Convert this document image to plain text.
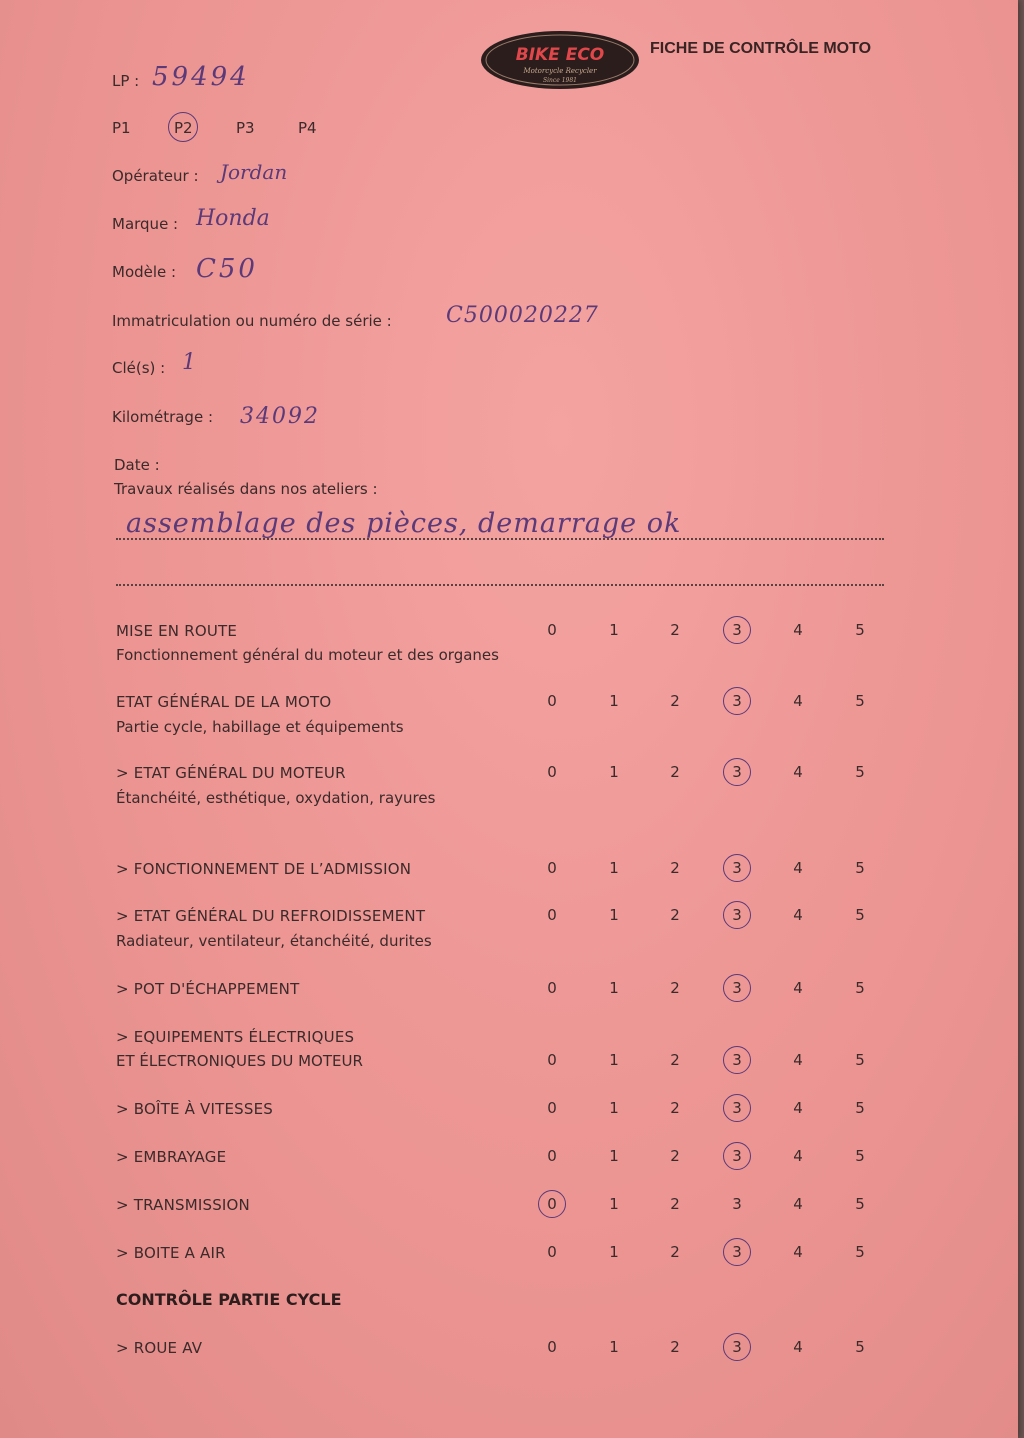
BIKE ECO
Motorcycle Recycler
Since 1981
FICHE DE CONTRÔLE MOTO
LP : 59494
P1	P2	P3	P4
Opérateur : Jordan
Marque : Honda
Modèle : C50
Immatriculation ou numéro de série : C500020227
Clé(s) : 1
Kilométrage : 34092
Date :
Travaux réalisés dans nos ateliers :
assemblage des pièces, demarrage ok
MISE EN ROUTE
Fonctionnement général du moteur et des organes
0	1	2	3	4	5
ETAT GÉNÉRAL DE LA MOTO
Partie cycle, habillage et équipements
0	1	2	3	4	5
> ETAT GÉNÉRAL DU MOTEUR
Étanchéité, esthétique, oxydation, rayures
0	1	2	3	4	5
> FONCTIONNEMENT DE L’ADMISSION	0	1	2	3	4	5
> ETAT GÉNÉRAL DU REFROIDISSEMENT
Radiateur, ventilateur, étanchéité, durites
0	1	2	3	4	5
> POT D'ÉCHAPPEMENT	0	1	2	3	4	5
> EQUIPEMENTS ÉLECTRIQUES
ET ÉLECTRONIQUES DU MOTEUR	0	1	2	3	4	5
> BOÎTE À VITESSES	0	1	2	3	4	5
> EMBRAYAGE	0	1	2	3	4	5
> TRANSMISSION	0	1	2	3	4	5
> BOITE A AIR	0	1	2	3	4	5
CONTRÔLE PARTIE CYCLE
> ROUE AV	0	1	2	3	4	5
